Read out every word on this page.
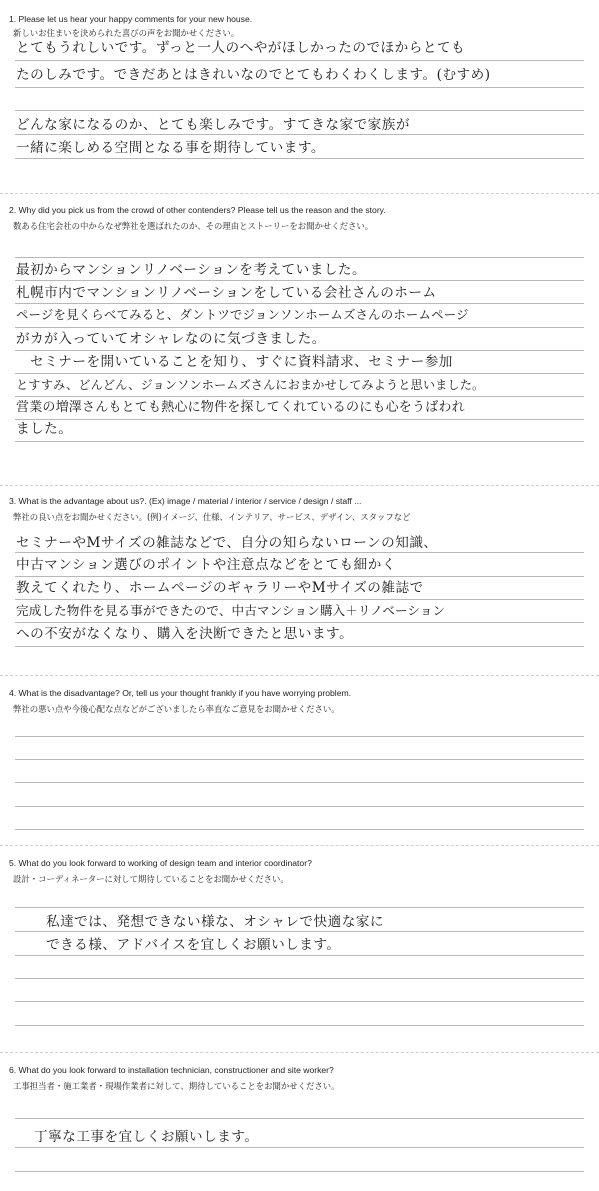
1. Please let us hear your happy comments for your new house.
新しいお住まいを決められた喜びの声をお聞かせください。
とてもうれしいです。ずっと一人のへやがほしかったのでほからとても
たのしみです。できだあとはきれいなのでとてもわくわくします。(むすめ)
どんな家になるのか、とても楽しみです。すてきな家で家族が
一緒に楽しめる空間となる事を期待しています。
2. Why did you pick us from the crowd of other contenders? Please tell us the reason and the story.
数ある住宅会社の中からなぜ弊社を選ばれたのか、その理由とストーリーをお聞かせください。
最初からマンションリノベーションを考えていました。
札幌市内でマンションリノベーションをしている会社さんのホーム
ページを見くらべてみると、ダントツでジョンソンホームズさんのホームページ
がカが入っていてオシャレなのに気づきました。
　セミナーを開いていることを知り、すぐに資料請求、セミナー参加
とすすみ、どんどん、ジョンソンホームズさんにおまかせしてみようと思いました。
営業の増澤さんもとても熱心に物件を探してくれているのにも心をうばわれ
ました。
3. What is the advantage about us?. (Ex) image / material / interior / service / design / staff ...
弊社の良い点をお聞かせください。(例)イメージ、仕様、インテリア、サービス、デザイン、スタッフなど
セミナーやMサイズの雑誌などで、自分の知らないローンの知識、
中古マンション選びのポイントや注意点などをとても細かく
教えてくれたり、ホームページのギャラリーやMサイズの雑誌で
完成した物件を見る事ができたので、中古マンション購入＋リノベーション
への不安がなくなり、購入を決断できたと思います。
4. What is the disadvantage? Or, tell us your thought frankly if you have worrying problem.
弊社の悪い点や今後心配な点などがございましたら率直なご意見をお聞かせください。
5. What do you look forward to working of design team and interior coordinator?
設計・コーディネーターに対して期待していることをお聞かせください。
私達では、発想できない様な、オシャレで快適な家に
できる様、アドバイスを宜しくお願いします。
6. What do you look forward to installation technician, constructioner and site worker?
工事担当者・施工業者・現場作業者に対して、期待していることをお聞かせください。
丁寧な工事を宜しくお願いします。
